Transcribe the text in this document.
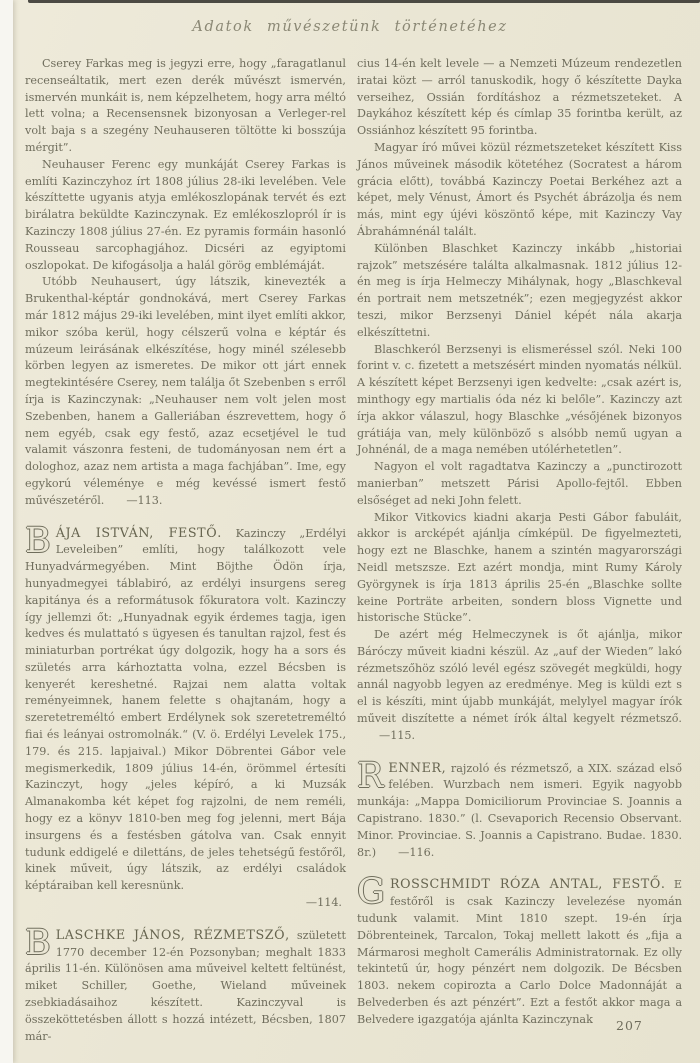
Adatok művészetünk történetéhez

Cserey Farkas meg is jegyzi erre, hogy „faragatlanul recenseáltatik, mert ezen derék művészt ismervén, ismervén munkáit is, nem képzelhetem, hogy arra méltó lett volna; a Recensensnek bizonyosan a Verleger-rel volt baja s a szegény Neuhauseren töltötte ki bosszúja mérgit”.

Neuhauser Ferenc egy munkáját Cserey Farkas is említi Kazinczyhoz írt 1808 július 28-iki levelében. Vele készíttette ugyanis atyja emlékoszlopának tervét és ezt birálatra beküldte Kazinczynak. Ez emlékoszlopról ír is Kazinczy 1808 július 27-én. Ez pyramis formáin hasonló Rousseau sarcophagjához. Dicséri az egyiptomi oszlopokat. De kifogásolja a halál görög emblémáját.

Utóbb Neuhausert, úgy látszik, kinevezték a Brukenthal-képtár gondnokává, mert Cserey Farkas már 1812 május 29-iki levelében, mint ilyet említi akkor, mikor szóba kerül, hogy célszerű volna e képtár és múzeum leirásának elkészítése, hogy minél szélesebb körben legyen az ismeretes. De mikor ott járt ennek megtekintésére Cserey, nem találja őt Szebenben s erről írja is Kazinczynak: „Neuhauser nem volt jelen most Szebenben, hanem a Galleriában észrevettem, hogy ő nem egyéb, csak egy festő, azaz ecsetjével le tud valamit vászonra festeni, de tudományosan nem ért a dologhoz, azaz nem artista a maga fachjában”. Ime, egy egykorú véleménye e még kevéssé ismert festő művészetéről. —113.

B ÁJA ISTVÁN, FESTŐ. Kazinczy „Erdélyi Leveleiben” említi, hogy találkozott vele Hunyadvármegyében. Mint Böjthe Ödön írja, hunyadmegyei táblabiró, az erdélyi insurgens sereg kapitánya és a reformátusok főkuratora volt. Kazinczy így jellemzi őt: „Hunyadnak egyik érdemes tagja, igen kedves és mulattató s ügyesen és tanultan rajzol, fest és miniaturban portrékat úgy dolgozik, hogy ha a sors és születés arra kárhoztatta volna, ezzel Bécsben is kenyerét kereshetné. Rajzai nem alatta voltak reményeimnek, hanem felette s ohajtanám, hogy a szeretetreméltó embert Erdélynek sok szeretetreméltó fiai és leányai ostromolnák.“ (V. ö. Erdélyi Levelek 175., 179. és 215. lapjaival.) Mikor Döbrentei Gábor vele megismerkedik, 1809 július 14-én, örömmel értesíti Kazinczyt, hogy „jeles képíró, a ki Muzsák Almanakomba két képet fog rajzolni, de nem reméli, hogy ez a könyv 1810-ben meg fog jelenni, mert Bája insurgens és a festésben gátolva van. Csak ennyit tudunk eddigelé e dilettáns, de jeles tehetségű festőről, kinek műveit, úgy látszik, az erdélyi családok képtáraiban kell keresnünk.
—114.

B LASCHKE JÁNOS, RÉZMETSZŐ, született 1770 december 12-én Pozsonyban; meghalt 1833 április 11-én. Különösen ama műveivel keltett feltünést, miket Schiller, Goethe, Wieland műveinek zsebkiadásaihoz készített. Kazinczyval is összeköttetésben állott s hozzá intézett, Bécsben, 1807 már-

cius 14-én kelt levele — a Nemzeti Múzeum rendezetlen iratai közt — arról tanuskodik, hogy ő készítette Dayka verseihez, Ossián fordításhoz a rézmetszeteket. A Daykához készített kép és címlap 35 forintba került, az Ossiánhoz készített 95 forintba.

Magyar író művei közül rézmetszeteket készített Kiss János műveinek második kötetéhez (Socratest a három grácia előtt), továbbá Kazinczy Poetai Berkéhez azt a képet, mely Vénust, Ámort és Psychét ábrázolja és nem más, mint egy újévi köszöntő képe, mit Kazinczy Vay Ábrahámnénál talált.

Különben Blaschket Kazinczy inkább „historiai rajzok” metszésére találta alkalmasnak. 1812 július 12-én meg is írja Helmeczy Mihálynak, hogy „Blaschkeval én portrait nem metszetnék”; ezen megjegyzést akkor teszi, mikor Berzsenyi Dániel képét nála akarja elkészíttetni.

Blaschkeról Berzsenyi is elismeréssel szól. Neki 100 forint v. c. fizetett a metszésért minden nyomatás nélkül. A készített képet Berzsenyi igen kedvelte: „csak azért is, minthogy egy martialis óda néz ki belőle”. Kazinczy azt írja akkor válaszul, hogy Blaschke „vésőjének bizonyos grátiája van, mely különböző s alsóbb nemű ugyan a Johnénál, de a maga nemében utólérhetetlen”.

Nagyon el volt ragadtatva Kazinczy a „punctirozott manierban” metszett Párisi Apollo-fejtől. Ebben elsőséget ad neki John felett.

Mikor Vitkovics kiadni akarja Pesti Gábor fabuláit, akkor is arcképét ajánlja címképül. De figyelmezteti, hogy ezt ne Blaschke, hanem a szintén magyarországi Neidl metszsze. Ezt azért mondja, mint Rumy Károly Györgynek is írja 1813 április 25-én „Blaschke sollte keine Porträte arbeiten, sondern bloss Vignette und historische Stücke”.

De azért még Helmeczynek is őt ajánlja, mikor Báróczy műveit kiadni készül. Az „auf der Wieden” lakó rézmetszőhöz szóló levél egész szövegét megküldi, hogy annál nagyobb legyen az eredménye. Meg is küldi ezt s el is készíti, mint újabb munkáját, melylyel magyar írók műveit diszítette a német írók által kegyelt rézmetsző.—115.

R ENNER, rajzoló és rézmetsző, a XIX. század első felében. Wurzbach nem ismeri. Egyik nagyobb munkája: „Mappa Domiciliorum Provinciae S. Joannis a Capistrano. 1830.” (l. Csevaporich Recensio Observant. Minor. Provinciae. S. Joannis a Capistrano. Budae. 1830. 8r.) —116.

G ROSSCHMIDT RÓZA ANTAL, FESTŐ. E festőről is csak Kazinczy levelezése nyomán tudunk valamit. Mint 1810 szept. 19-én írja Döbrenteinek, Tarcalon, Tokaj mellett lakott és „fija a Mármarosi megholt Camerális Administratornak. Ez olly tekintetű úr, hogy pénzért nem dolgozik. De Bécsben 1803. nekem copirozta a Carlo Dolce Madonnáját a Belvederben és azt pénzért”. Ezt a festőt akkor maga a Belvedere igazgatója ajánlta Kazinczynak	207
